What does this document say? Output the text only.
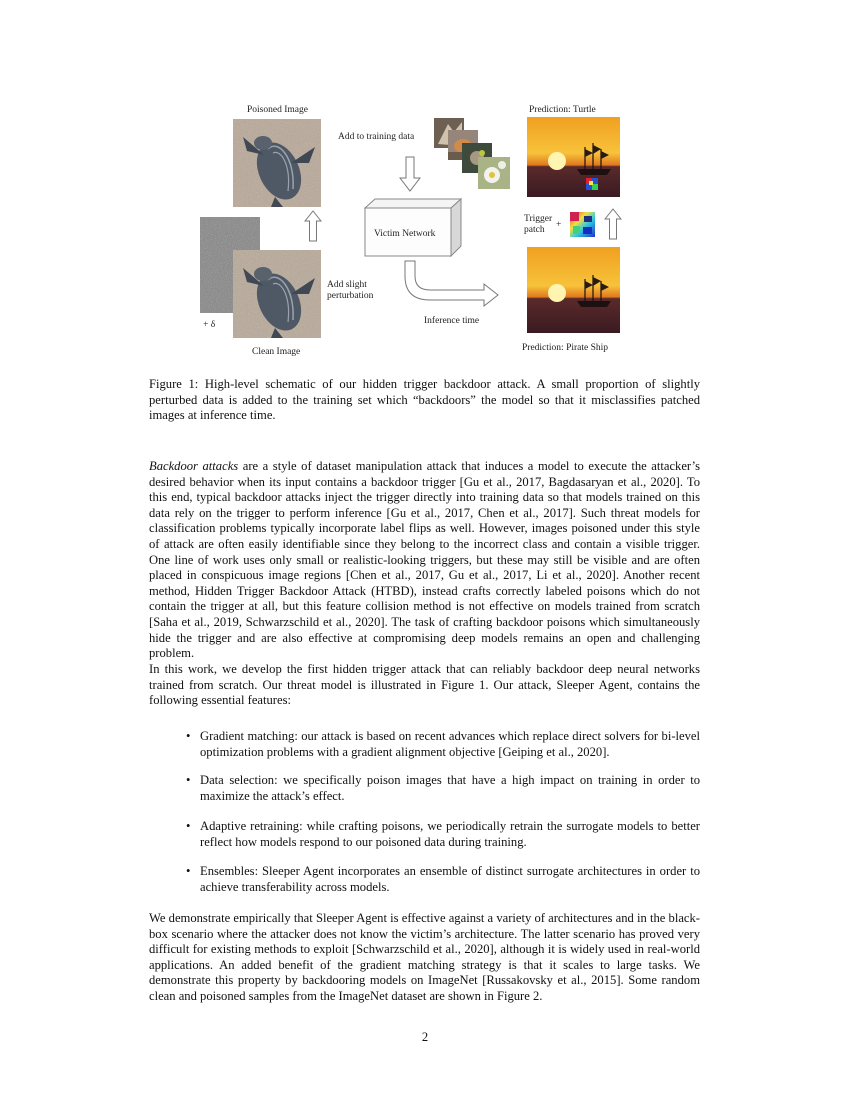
Poisoned Image
+ δ
Clean Image
Add slight
perturbation
Add to training data
Victim Network
Inference time
Prediction: Turtle
Trigger
patch	+
Prediction: Pirate Ship
Figure 1: High-level schematic of our hidden trigger backdoor attack. A small proportion of slightly perturbed data is added to the training set which “backdoors” the model so that it misclassifies patched images at inference time.
Backdoor attacks are a style of dataset manipulation attack that induces a model to execute the attacker’s desired behavior when its input contains a backdoor trigger [Gu et al., 2017, Bagdasaryan et al., 2020]. To this end, typical backdoor attacks inject the trigger directly into training data so that models trained on this data rely on the trigger to perform inference [Gu et al., 2017, Chen et al., 2017]. Such threat models for classification problems typically incorporate label flips as well. However, images poisoned under this style of attack are often easily identifiable since they belong to the incorrect class and contain a visible trigger. One line of work uses only small or realistic-looking triggers, but these may still be visible and are often placed in conspicuous image regions [Chen et al., 2017, Gu et al., 2017, Li et al., 2020]. Another recent method, Hidden Trigger Backdoor Attack (HTBD), instead crafts correctly labeled poisons which do not contain the trigger at all, but this feature collision method is not effective on models trained from scratch [Saha et al., 2019, Schwarzschild et al., 2020]. The task of crafting backdoor poisons which simultaneously hide the trigger and are also effective at compromising deep models remains an open and challenging problem.
In this work, we develop the first hidden trigger attack that can reliably backdoor deep neural networks trained from scratch. Our threat model is illustrated in Figure 1. Our attack, Sleeper Agent, contains the following essential features:
• Gradient matching: our attack is based on recent advances which replace direct solvers for bi-level optimization problems with a gradient alignment objective [Geiping et al., 2020].
• Data selection: we specifically poison images that have a high impact on training in order to maximize the attack’s effect.
• Adaptive retraining: while crafting poisons, we periodically retrain the surrogate models to better reflect how models respond to our poisoned data during training.
• Ensembles: Sleeper Agent incorporates an ensemble of distinct surrogate architectures in order to achieve transferability across models.
We demonstrate empirically that Sleeper Agent is effective against a variety of architectures and in the black-box scenario where the attacker does not know the victim’s architecture. The latter scenario has proved very difficult for existing methods to exploit [Schwarzschild et al., 2020], although it is widely used in real-world applications. An added benefit of the gradient matching strategy is that it scales to large tasks. We demonstrate this property by backdooring models on ImageNet [Russakovsky et al., 2015]. Some random clean and poisoned samples from the ImageNet dataset are shown in Figure 2.
2
